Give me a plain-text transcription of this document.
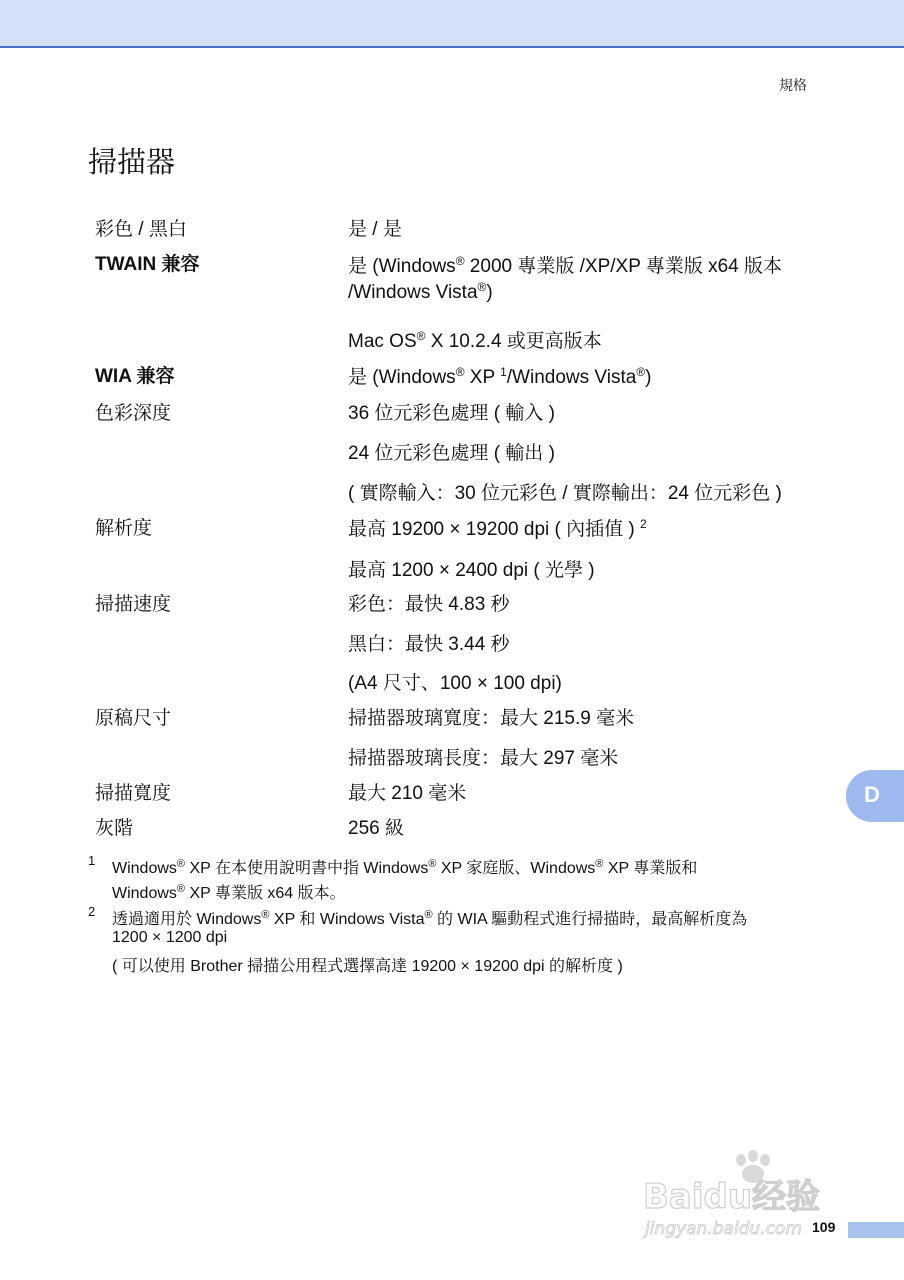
規格
掃描器
彩色 / 黑白	是 / 是
TWAIN 兼容	是 (Windows® 2000 專業版 /XP/XP 專業版 x64 版本
/Windows Vista®)
Mac OS® X 10.2.4 或更高版本
WIA 兼容	是 (Windows® XP $^1$/Windows Vista®)
色彩深度	36 位元彩色處理 ( 輸入 )
24 位元彩色處理 ( 輸出 )
( 實際輸入：30 位元彩色 / 實際輸出：24 位元彩色 )
解析度	最高 19200 × 19200 dpi ( 內插值 ) $^2$
最高 1200 × 2400 dpi ( 光學 )
掃描速度	彩色：最快 4.83 秒
黑白：最快 3.44 秒
(A4 尺寸、100 × 100 dpi)
原稿尺寸	掃描器玻璃寬度：最大 215.9 毫米
掃描器玻璃長度：最大 297 毫米
掃描寬度	最大 210 毫米
灰階	256 級
D
1 Windows® XP 在本使用說明書中指 Windows® XP 家庭版、Windows® XP 專業版和
Windows® XP 專業版 x64 版本。
2 透過適用於 Windows® XP 和 Windows Vista® 的 WIA 驅動程式進行掃描時，最高解析度為
1200 × 1200 dpi
( 可以使用 Brother 掃描公用程式選擇高達 19200 × 19200 dpi 的解析度 )
109
Baidu经验
jingyan.baidu.com
